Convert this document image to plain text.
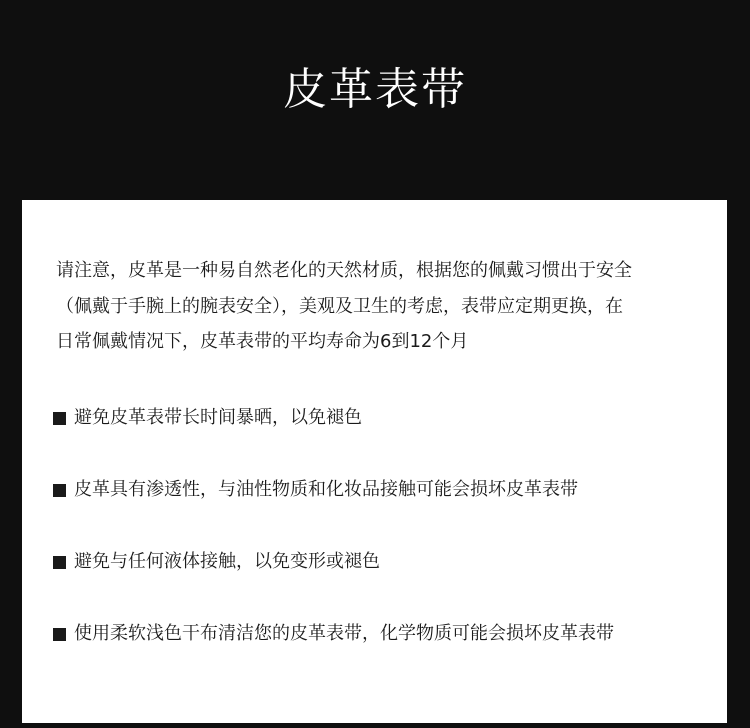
皮革表带
请注意，皮革是一种易自然老化的天然材质，根据您的佩戴习惯出于安全
（佩戴于手腕上的腕表安全），美观及卫生的考虑，表带应定期更换，在
日常佩戴情况下，皮革表带的平均寿命为6到12个月
避免皮革表带长时间暴晒，以免褪色
皮革具有渗透性，与油性物质和化妆品接触可能会损坏皮革表带
避免与任何液体接触，以免变形或褪色
使用柔软浅色干布清洁您的皮革表带，化学物质可能会损坏皮革表带
